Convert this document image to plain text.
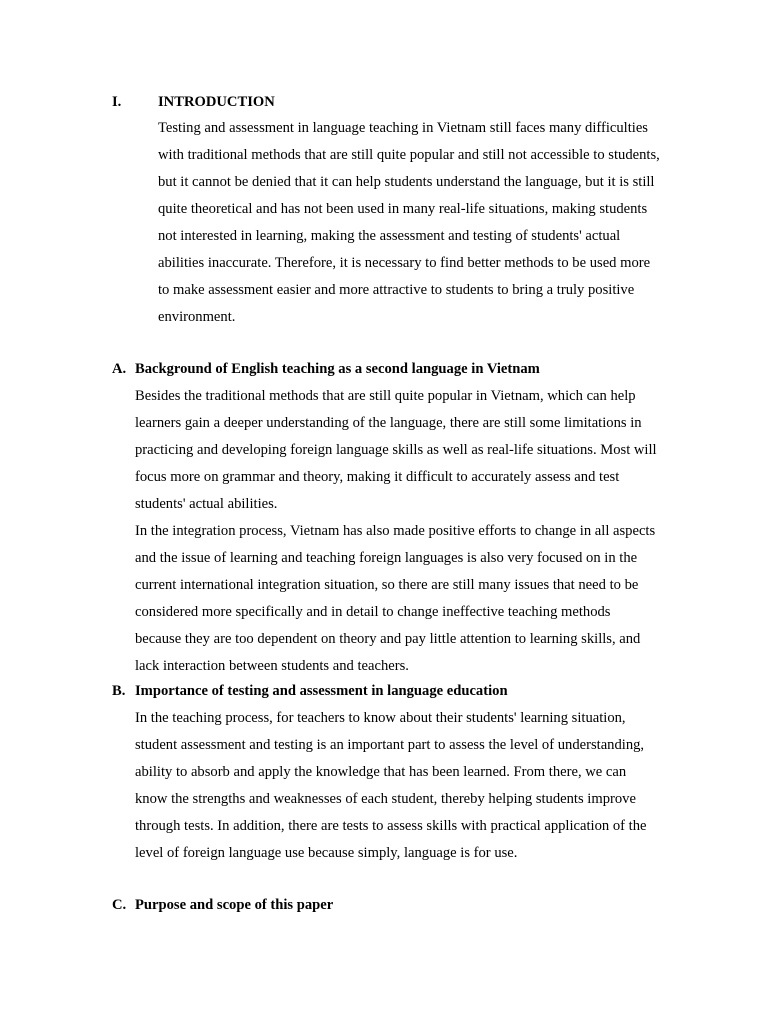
I.	INTRODUCTION
Testing and assessment in language teaching in Vietnam still faces many difficulties
with traditional methods that are still quite popular and still not accessible to students,
but it cannot be denied that it can help students understand the language, but it is still
quite theoretical and has not been used in many real-life situations, making students
not interested in learning, making the assessment and testing of students' actual
abilities inaccurate. Therefore, it is necessary to find better methods to be used more
to make assessment easier and more attractive to students to bring a truly positive
environment.
A. Background of English teaching as a second language in Vietnam
Besides the traditional methods that are still quite popular in Vietnam, which can help
learners gain a deeper understanding of the language, there are still some limitations in
practicing and developing foreign language skills as well as real-life situations. Most will
focus more on grammar and theory, making it difficult to accurately assess and test
students' actual abilities.
In the integration process, Vietnam has also made positive efforts to change in all aspects
and the issue of learning and teaching foreign languages is also very focused on in the
current international integration situation, so there are still many issues that need to be
considered more specifically and in detail to change ineffective teaching methods
because they are too dependent on theory and pay little attention to learning skills, and
lack interaction between students and teachers.
B. Importance of testing and assessment in language education
In the teaching process, for teachers to know about their students' learning situation,
student assessment and testing is an important part to assess the level of understanding,
ability to absorb and apply the knowledge that has been learned. From there, we can
know the strengths and weaknesses of each student, thereby helping students improve
through tests. In addition, there are tests to assess skills with practical application of the
level of foreign language use because simply, language is for use.
C. Purpose and scope of this paper
